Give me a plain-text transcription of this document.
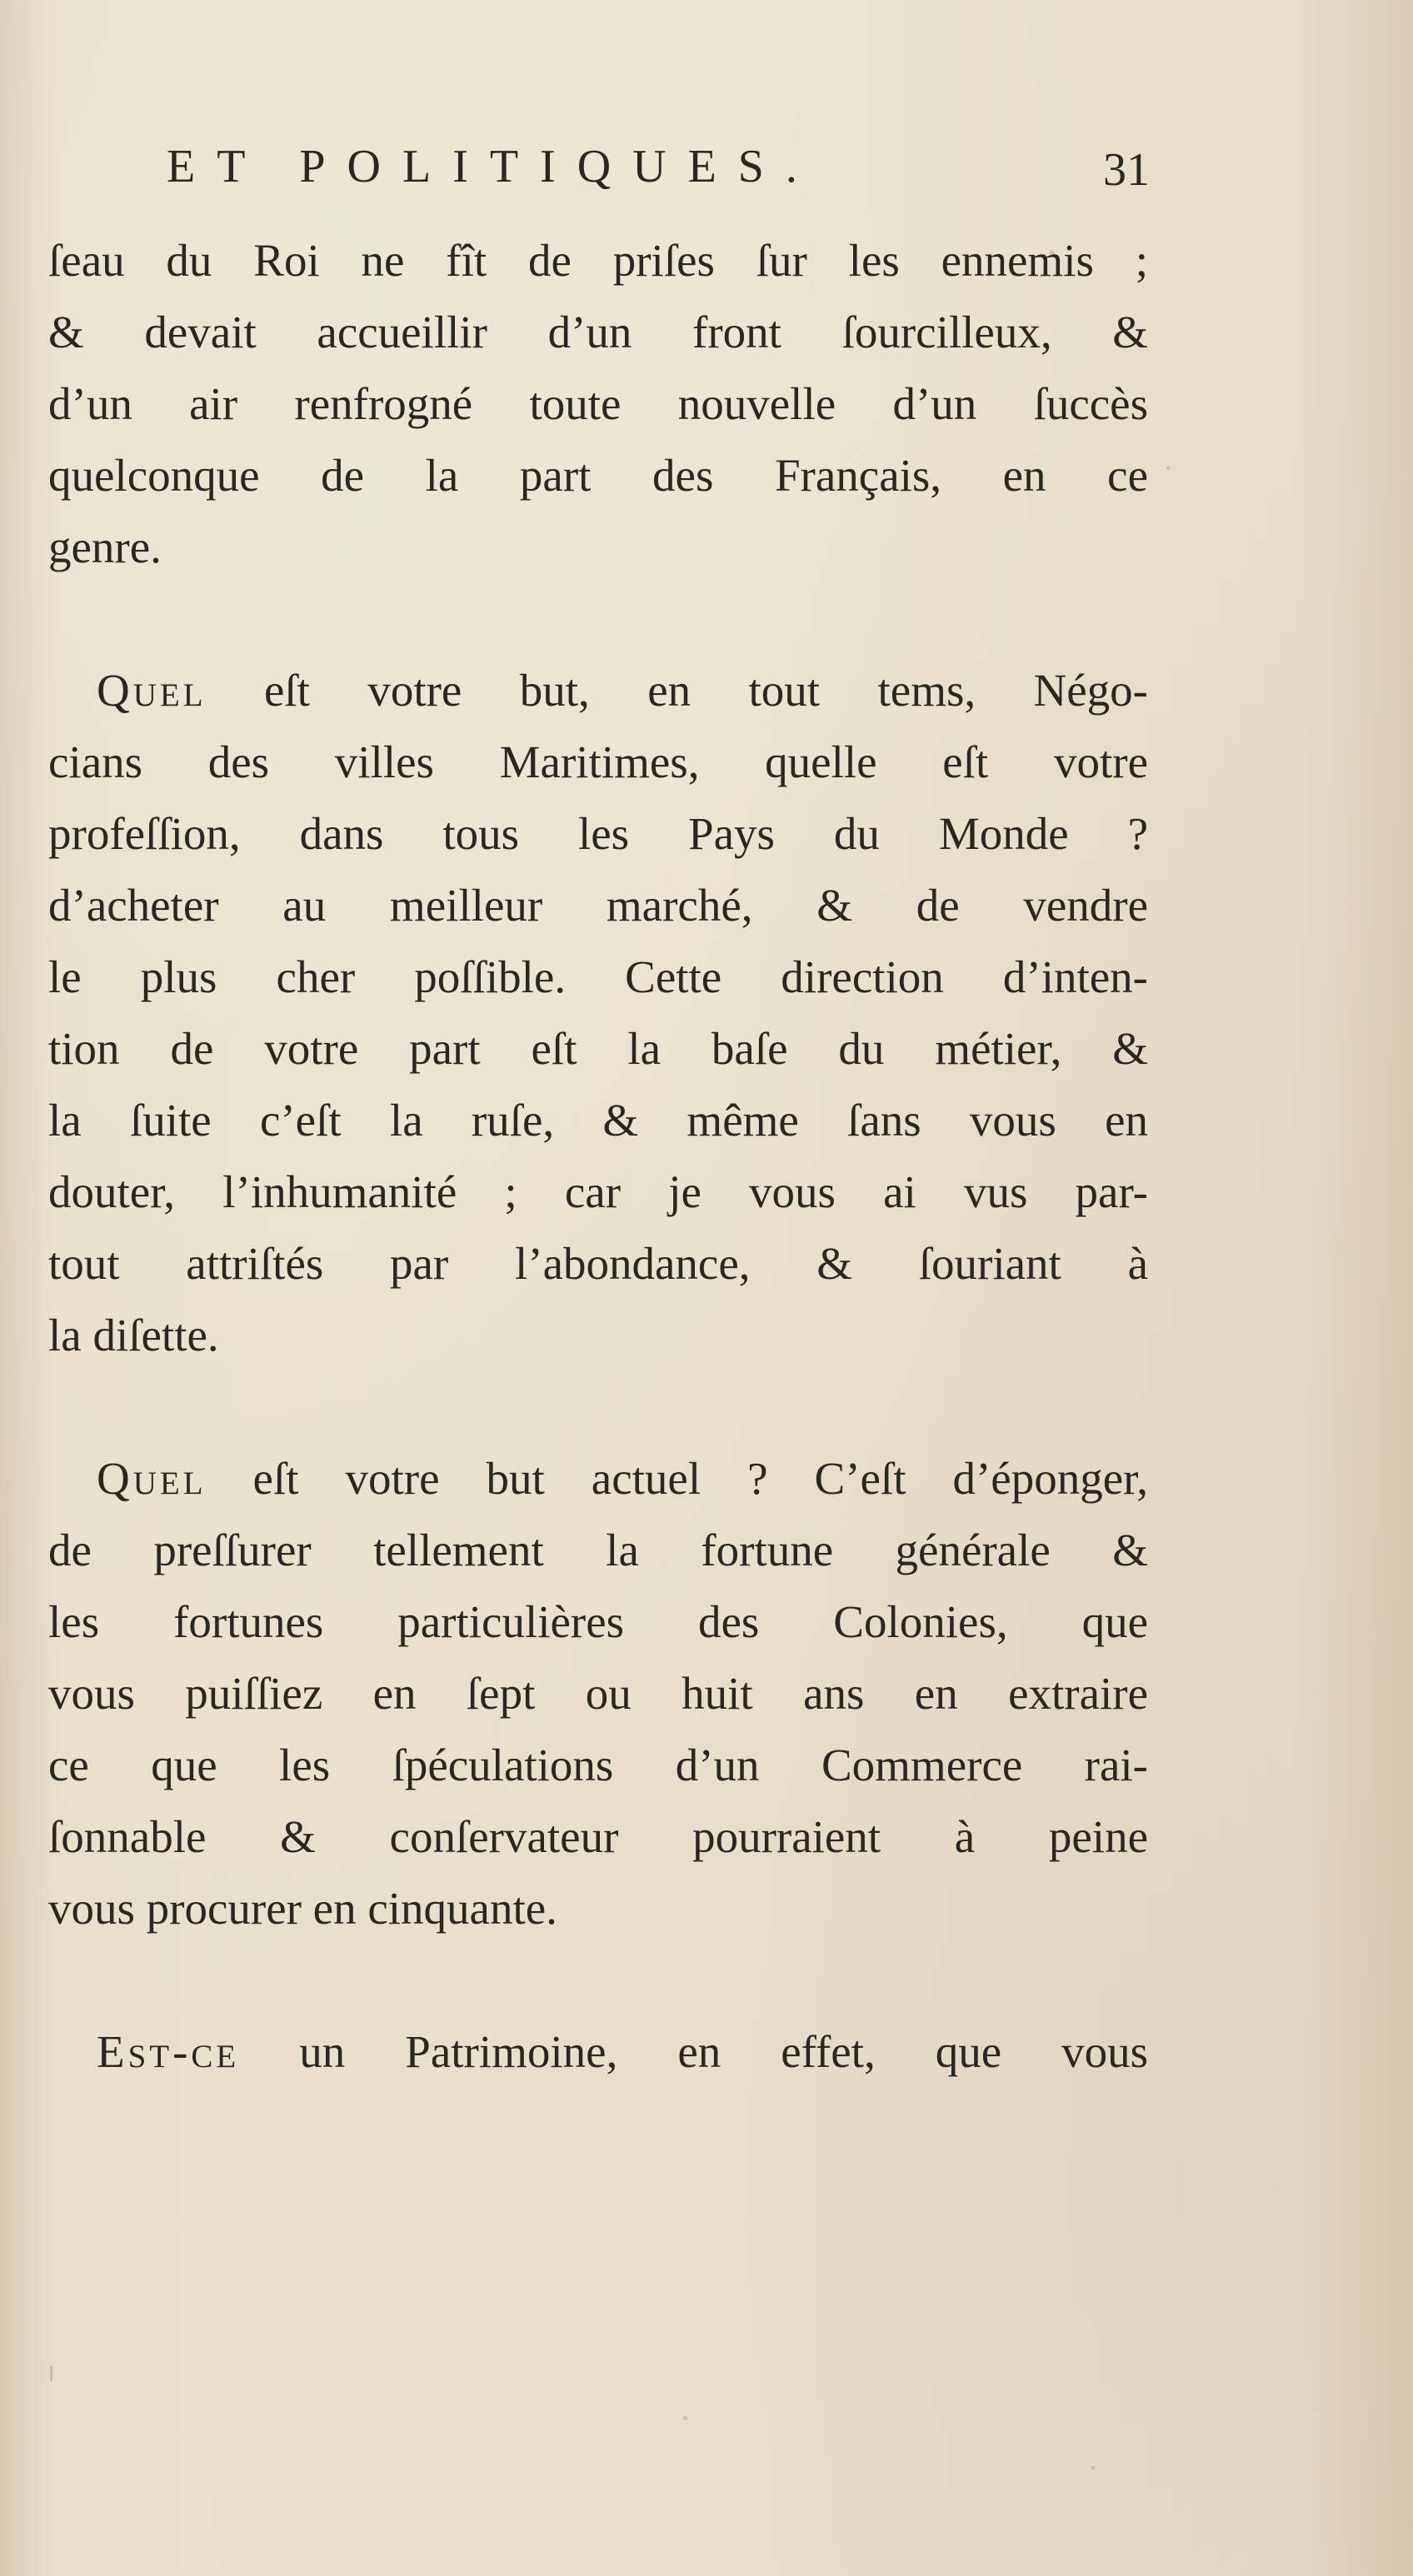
ET POLITIQUES.	31
ſeau du Roi ne fît de priſes ſur les ennemis ;
& devait accueillir d’un front ſourcilleux, &
d’un air renfrogné toute nouvelle d’un ſuccès
quelconque de la part des Français, en ce
genre.
Quel eſt votre but, en tout tems, Négo-
cians des villes Maritimes, quelle eſt votre
profeſſion, dans tous les Pays du Monde ?
d’acheter au meilleur marché, & de vendre
le plus cher poſſible. Cette direction d’inten-
tion de votre part eſt la baſe du métier, &
la ſuite c’eſt la ruſe, & même ſans vous en
douter, l’inhumanité ; car je vous ai vus par-
tout attriſtés par l’abondance, & ſouriant à
la diſette.
Quel eſt votre but actuel ? C’eſt d’éponger,
de preſſurer tellement la fortune générale &
les fortunes particulières des Colonies, que
vous puiſſiez en ſept ou huit ans en extraire
ce que les ſpéculations d’un Commerce rai-
ſonnable & conſervateur pourraient à peine
vous procurer en cinquante.
Est-ce un Patrimoine, en effet, que vous
